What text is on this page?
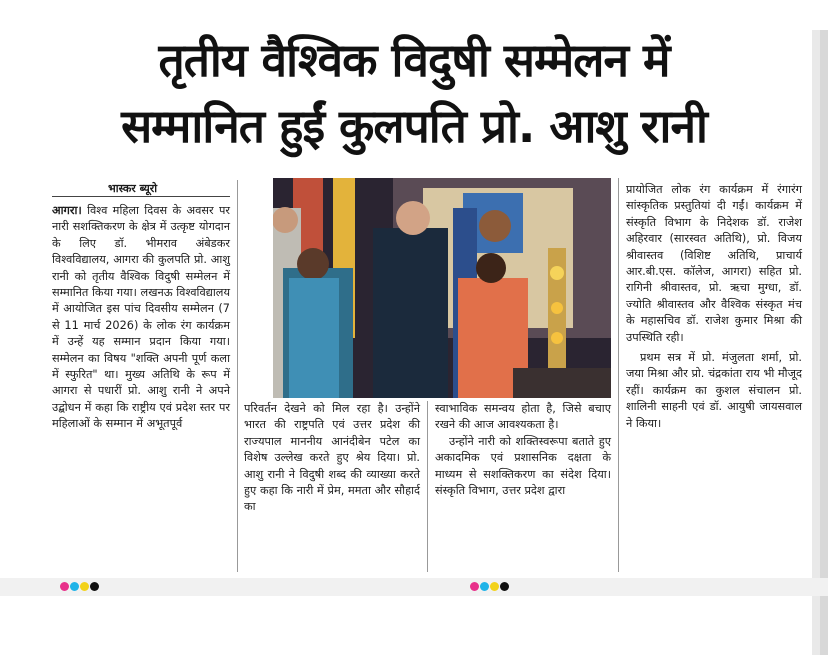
तृतीय वैश्विक विदुषी सम्मेलन में
सम्मानित हुईं कुलपति प्रो. आशु रानी
भास्कर ब्यूरो

आगरा। विश्व महिला दिवस के अवसर पर नारी सशक्तिकरण के क्षेत्र में उत्कृष्ट योगदान के लिए डॉ. भीमराव अंबेडकर विश्वविद्यालय, आगरा की कुलपति प्रो. आशु रानी को तृतीय वैश्विक विदुषी सम्मेलन में सम्मानित किया गया। लखनऊ विश्वविद्यालय में आयोजित इस पांच दिवसीय सम्मेलन (7 से 11 मार्च 2026) के लोक रंग कार्यक्रम में उन्हें यह सम्मान प्रदान किया गया। सम्मेलन का विषय "शक्ति अपनी पूर्ण कला में स्फुरित" था। मुख्य अतिथि के रूप में आगरा से पधारीं प्रो. आशु रानी ने अपने उद्बोधन में कहा कि राष्ट्रीय एवं प्रदेश स्तर पर महिलाओं के सम्मान में अभूतपूर्व

परिवर्तन देखने को मिल रहा है। उन्होंने भारत की राष्ट्रपति एवं उत्तर प्रदेश की राज्यपाल माननीय आनंदीबेन पटेल का विशेष उल्लेख करते हुए श्रेय दिया। प्रो. आशु रानी ने विदुषी शब्द की व्याख्या करते हुए कहा कि नारी में प्रेम, ममता और सौहार्द का

स्वाभाविक समन्वय होता है, जिसे बचाए रखने की आज आवश्यकता है।

उन्होंने नारी को शक्तिस्वरूपा बताते हुए अकादमिक एवं प्रशासनिक दक्षता के माध्यम से सशक्तिकरण का संदेश दिया। संस्कृति विभाग, उत्तर प्रदेश द्वारा

प्रायोजित लोक रंग कार्यक्रम में रंगारंग सांस्कृतिक प्रस्तुतियां दी गईं। कार्यक्रम में संस्कृति विभाग के निदेशक डॉ. राजेश अहिरवार (सारस्वत अतिथि), प्रो. विजय श्रीवास्तव (विशिष्ट अतिथि, प्राचार्य आर.बी.एस. कॉलेज, आगरा) सहित प्रो. रागिनी श्रीवास्तव, प्रो. ऋचा मुग्धा, डॉ. ज्योति श्रीवास्तव और वैश्विक संस्कृत मंच के महासचिव डॉ. राजेश कुमार मिश्रा की उपस्थिति रही।

प्रथम सत्र में प्रो. मंजुलता शर्मा, प्रो. जया मिश्रा और प्रो. चंद्रकांता राय भी मौजूद रहीं। कार्यक्रम का कुशल संचालन प्रो. शालिनी साहनी एवं डॉ. आयुषी जायसवाल ने किया।
